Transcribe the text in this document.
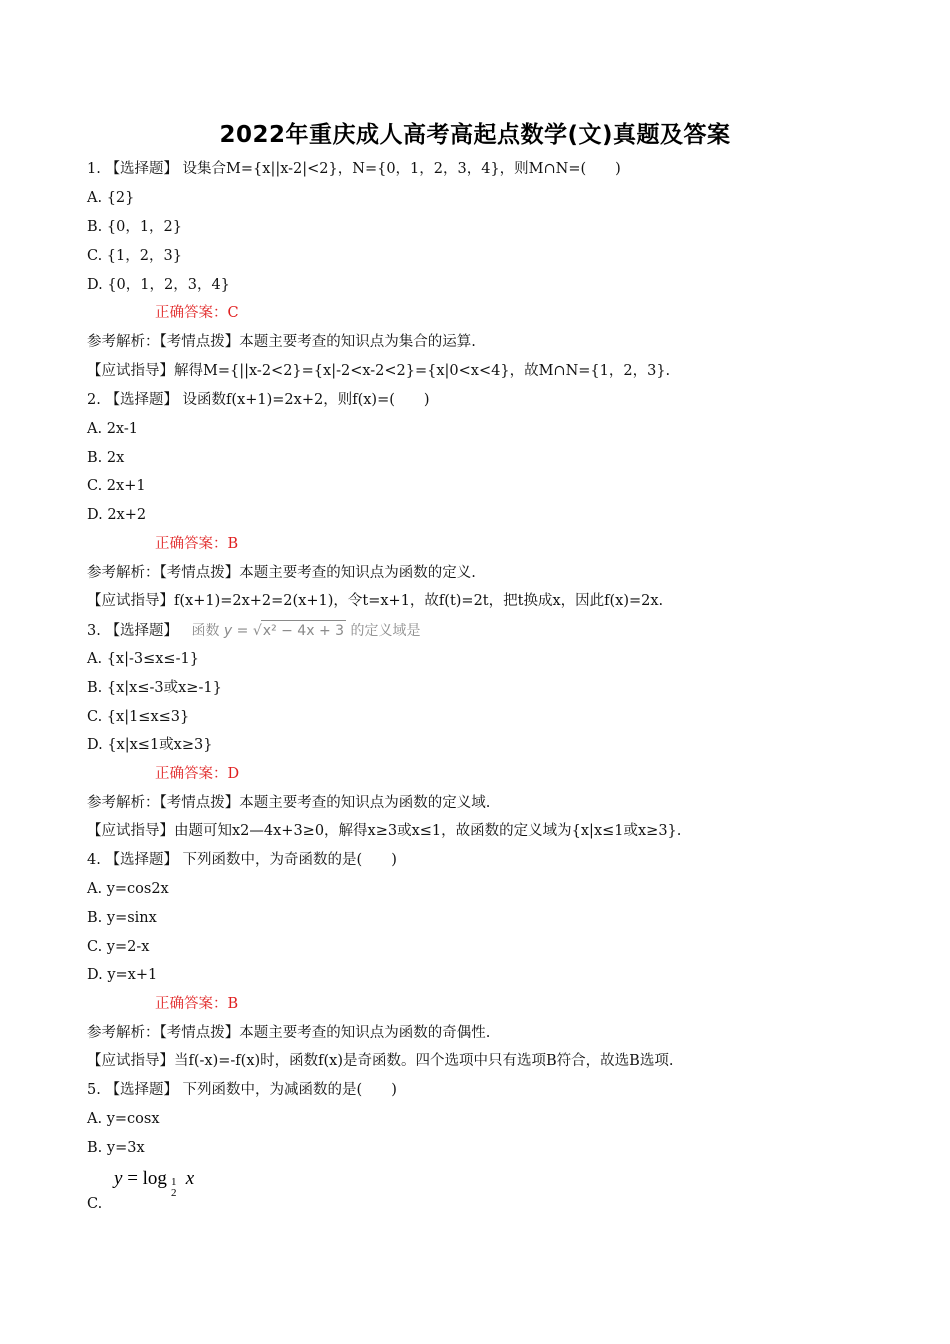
2022年重庆成人高考高起点数学(文)真题及答案
1. 【选择题】 设集合M={x||x-2|<2}，N={0，1，2，3，4}，则M∩N=(　　)
A. {2}
B. {0，1，2}
C. {1，2，3}
D. {0，1，2，3，4}
正确答案：C
参考解析：【考情点拨】本题主要考查的知识点为集合的运算.
【应试指导】解得M={||x-2<2}={x|-2<x-2<2}={x|0<x<4}，故M∩N={1，2，3}.
2. 【选择题】 设函数f(x+1)=2x+2，则f(x)=(　　)
A. 2x-1
B. 2x
C. 2x+1
D. 2x+2
正确答案：B
参考解析：【考情点拨】本题主要考查的知识点为函数的定义.
【应试指导】f(x+1)=2x+2=2(x+1)，令t=x+1，故f(t)=2t，把t换成x，因此f(x)=2x.
3. 【选择题】 函数 y = √x² − 4x + 3 的定义域是
A. {x|-3≤x≤-1}
B. {x|x≤-3或x≥-1}
C. {x|1≤x≤3}
D. {x|x≤1或x≥3}
正确答案：D
参考解析：【考情点拨】本题主要考查的知识点为函数的定义域.
【应试指导】由题可知x2—4x+3≥0，解得x≥3或x≤1，故函数的定义域为{x|x≤1或x≥3}.
4. 【选择题】 下列函数中，为奇函数的是(　　)
A. y=cos2x
B. y=sinx
C. y=2-x
D. y=x+1
正确答案：B
参考解析：【考情点拨】本题主要考查的知识点为函数的奇偶性.
【应试指导】当f(-x)=-f(x)时，函数f(x)是奇函数。四个选项中只有选项B符合，故选B选项.
5. 【选择题】 下列函数中，为减函数的是(　　)
A. y=cosx
B. y=3x
y = log 1
2
x
C.
